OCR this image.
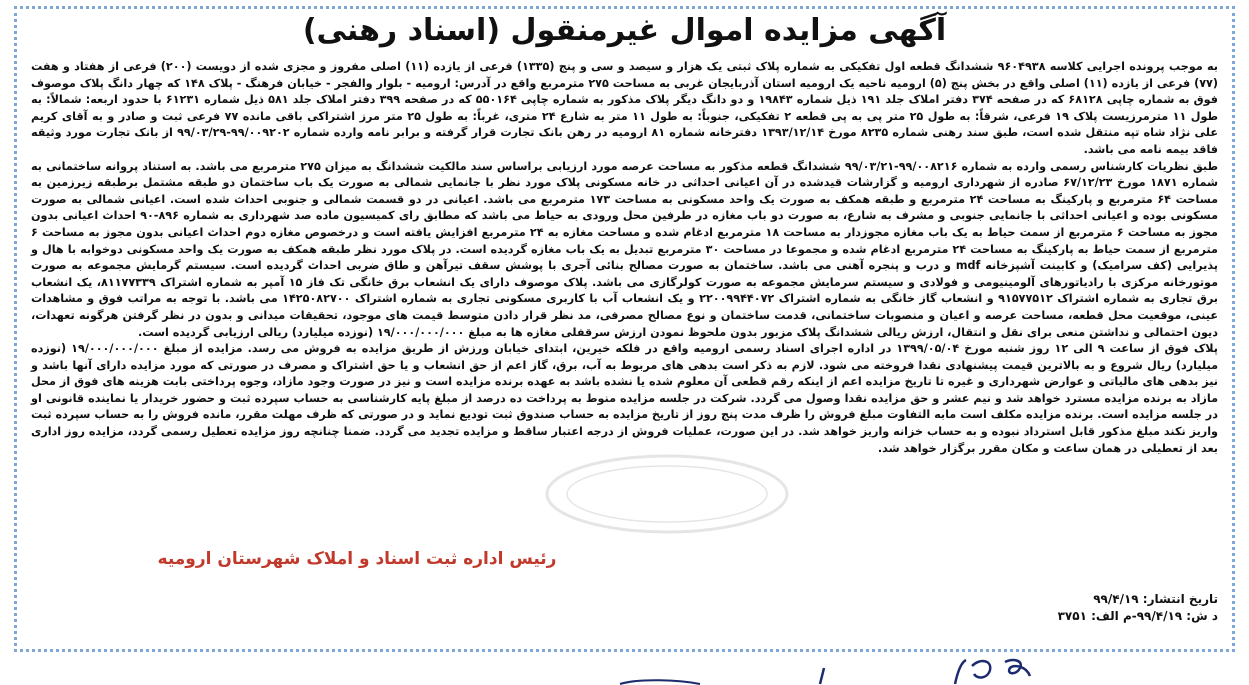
آگهی مزایده اموال غیرمنقول (اسناد رهنی)

به موجب پرونده اجرایی کلاسه ۹۶۰۴۹۳۸ ششدانگ قطعه اول تفکیکی به شماره پلاک ثبتی یک هزار و سیصد و سی و پنج (۱۳۳۵) فرعی از یازده (۱۱) اصلی مفروز و مجزی شده از دویست (۲۰۰) فرعی از هفتاد و هفت (۷۷) فرعی از یازده (۱۱) اصلی واقع در بخش پنج (۵) ارومیه ناحیه یک ارومیه استان آذربایجان غربی به مساحت ۲۷۵ مترمربع واقع در آدرس: ارومیه - بلوار والفجر - خیابان فرهنگ - پلاک ۱۴۸ که چهار دانگ پلاک موصوف فوق به شماره چاپی ۶۸۱۲۸ که در صفحه ۳۷۴ دفتر املاک جلد ۱۹۱ ذیل شماره ۱۹۸۴۳ و دو دانگ دیگر پلاک مذکور به شماره چاپی ۵۵۰۱۶۴ که در صفحه ۳۹۹ دفتر املاک جلد ۵۸۱ ذیل شماره ۶۱۲۳۱ با حدود اربعه: شمالاً: به طول ۱۱ مترمرزیست پلاک ۱۹ فرعی، شرقاً: به طول ۲۵ متر پی به پی قطعه ۲ تفکیکی، جنوباً: به طول ۱۱ متر به شارع ۲۴ متری، غرباً: به طول ۲۵ متر مرز اشتراکی باقی مانده ۷۷ فرعی ثبت و صادر و به آقای کریم علی نژاد شاه تپه منتقل شده است، طبق سند رهنی شماره ۸۲۳۵ مورخ ۱۳۹۳/۱۲/۱۴ دفترخانه شماره ۸۱ ارومیه در رهن بانک تجارت قرار گرفته و برابر نامه وارده شماره ۹۹/۰۰۹۲۰۲-۹۹/۰۳/۲۹ از بانک تجارت مورد وثیقه فاقد بیمه نامه می باشد.

طبق نظریات کارشناس رسمی وارده به شماره ۹۹/۰۰۸۲۱۶-۹۹/۰۳/۲۱ ششدانگ قطعه مذکور به مساحت عرصه مورد ارزیابی براساس سند مالکیت ششدانگ به میزان ۲۷۵ مترمربع می باشد. به استناد پروانه ساختمانی به شماره ۱۸۷۱ مورخ ۶۷/۱۲/۲۳ صادره از شهرداری ارومیه و گزارشات قیدشده در آن اعیانی احداثی در خانه مسکونی پلاک مورد نظر با جانمایی شمالی به صورت یک باب ساختمان دو طبقه مشتمل برطبقه زیرزمین به مساحت ۶۴ مترمربع و پارکینگ به مساحت ۲۴ مترمربع و طبقه همکف به صورت یک واحد مسکونی به مساحت ۱۷۳ مترمربع می باشد. اعیانی در دو قسمت شمالی و جنوبی احداث شده است. اعیانی شمالی به صورت مسکونی بوده و اعیانی احداثی با جانمایی جنوبی و مشرف به شارع، به صورت دو باب مغازه در طرفین محل ورودی به حیاط می باشد که مطابق رای کمیسیون ماده صد شهرداری به شماره ۸۹۶-۹۰ احداث اعیانی بدون مجوز به مساحت ۶ مترمربع از سمت حیاط به یک باب مغازه مجوزدار به مساحت ۱۸ مترمربع ادغام شده و مساحت مغازه به ۲۴ مترمربع افزایش یافته است و درخصوص مغازه دوم احداث اعیانی بدون مجوز به مساحت ۶ مترمربع از سمت حیاط به پارکینگ به مساحت ۲۴ مترمربع ادغام شده و مجموعا در مساحت ۳۰ مترمربع تبدیل به یک باب مغازه گردیده است. در پلاک مورد نظر طبقه همکف به صورت یک واحد مسکونی دوخوابه با هال و پذیرایی (کف سرامیک) و کابینت آشپزخانه mdf و درب و پنجره آهنی می باشد. ساختمان به صورت مصالح بنائی آجری با پوشش سقف تیرآهن و طاق ضربی احداث گردیده است. سیستم گرمایش مجموعه به صورت موتورخانه مرکزی با رادیاتورهای آلومینیومی و فولادی و سیستم سرمایش مجموعه به صورت کولرگازی می باشد. پلاک موصوف دارای یک انشعاب برق خانگی تک فاز ۱۵ آمپر به شماره اشتراک ۸۱۱۷۷۳۳۹، یک انشعاب برق تجاری به شماره اشتراک ۹۱۵۷۷۵۱۲ و انشعاب گاز خانگی به شماره اشتراک ۲۲۰۰۹۹۴۴۰۷۲ و یک انشعاب آب با کاربری مسکونی تجاری به شماره اشتراک ۱۴۲۵۰۸۲۷۰۰ می باشد. با توجه به مراتب فوق و مشاهدات عینی، موقعیت محل قطعه، مساحت عرصه و اعیان و منصوبات ساختمانی، قدمت ساختمان و نوع مصالح مصرفی، مد نظر قرار دادن متوسط قیمت های موجود، تحقیقات میدانی و بدون در نظر گرفتن هرگونه تعهدات، دیون احتمالی و نداشتن منعی برای نقل و انتقال، ارزش ریالی ششدانگ پلاک مزبور بدون ملحوظ نمودن ارزش سرقفلی مغازه ها به مبلغ ۱۹/۰۰۰/۰۰۰/۰۰۰ (نوزده میلیارد) ریالی ارزیابی گردیده است.

پلاک فوق از ساعت ۹ الی ۱۲ روز شنبه مورخ ۱۳۹۹/۰۵/۰۴ در اداره اجرای اسناد رسمی ارومیه واقع در فلکه خیرین، ابتدای خیابان ورزش از طریق مزایده به فروش می رسد. مزایده از مبلغ ۱۹/۰۰۰/۰۰۰/۰۰۰ (نوزده میلیارد) ریال شروع و به بالاترین قیمت پیشنهادی نقدا فروخته می شود. لازم به ذکر است بدهی های مربوط به آب، برق، گاز اعم از حق انشعاب و یا حق اشتراک و مصرف در صورتی که مورد مزایده دارای آنها باشد و نیز بدهی های مالیاتی و عوارض شهرداری و غیره تا تاریخ مزایده اعم از اینکه رقم قطعی آن معلوم شده یا نشده باشد به عهده برنده مزایده است و نیز در صورت وجود مازاد، وجوه پرداختی بابت هزینه های فوق از محل مازاد به برنده مزایده مسترد خواهد شد و نیم عشر و حق مزایده نقدا وصول می گردد. شرکت در جلسه مزایده منوط به پرداخت ده درصد از مبلغ پایه کارشناسی به حساب سپرده ثبت و حضور خریدار یا نماینده قانونی او در جلسه مزایده است. برنده مزایده مکلف است مابه التفاوت مبلغ فروش را ظرف مدت پنج روز از تاریخ مزایده به حساب صندوق ثبت تودیع نماید و در صورتی که ظرف مهلت مقرر، مانده فروش را به حساب سپرده ثبت واریز نکند مبلغ مذکور قابل استرداد نبوده و به حساب خزانه واریز خواهد شد. در این صورت، عملیات فروش از درجه اعتبار ساقط و مزایده تجدید می گردد. ضمنا چنانچه روز مزایده تعطیل رسمی گردد، مزایده روز اداری بعد از تعطیلی در همان ساعت و مکان مقرر برگزار خواهد شد.

رئیس اداره ثبت اسناد و املاک شهرستان ارومیه
تاریخ انتشار: ۹۹/۴/۱۹
د ش: ۹۹/۴/۱۹-م الف: ۳۷۵۱
